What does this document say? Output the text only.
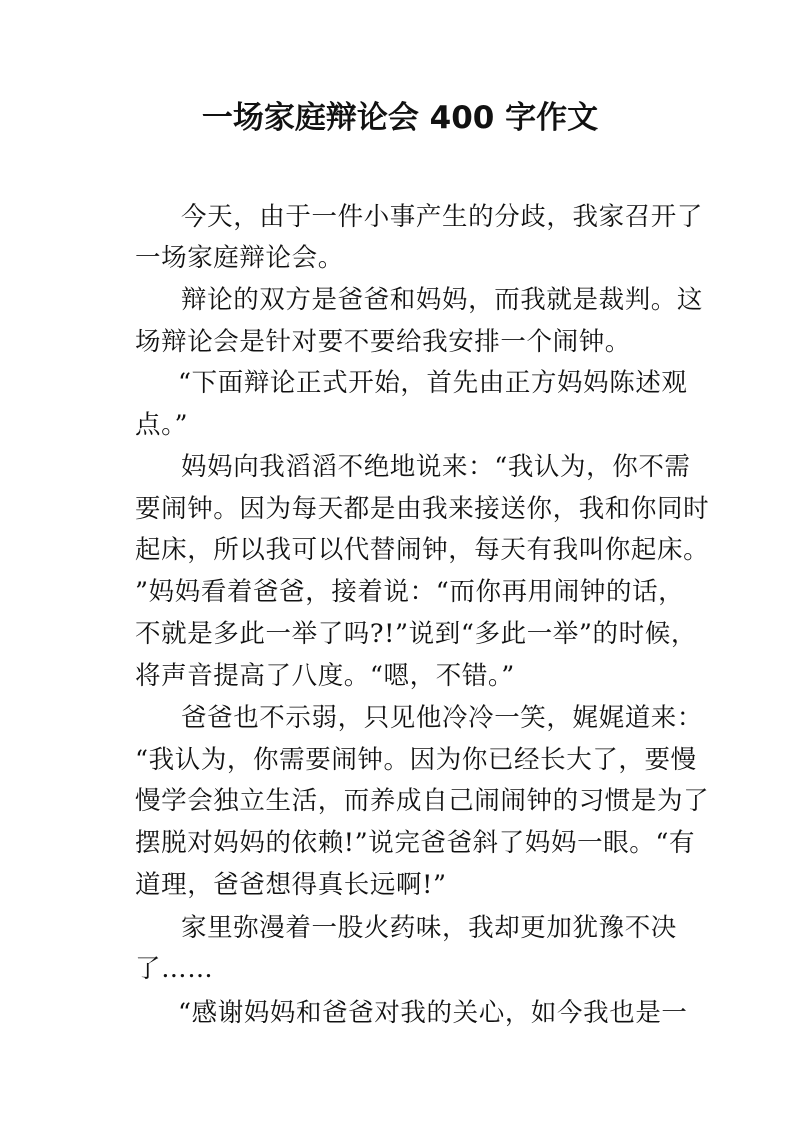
一场家庭辩论会 400 字作文
今天，由于一件小事产生的分歧，我家召开了
一场家庭辩论会。
辩论的双方是爸爸和妈妈，而我就是裁判。这
场辩论会是针对要不要给我安排一个闹钟。
“下面辩论正式开始，首先由正方妈妈陈述观
点。”
妈妈向我滔滔不绝地说来：“我认为，你不需
要闹钟。因为每天都是由我来接送你，我和你同时
起床，所以我可以代替闹钟，每天有我叫你起床。
”妈妈看着爸爸，接着说：“而你再用闹钟的话，
不就是多此一举了吗?!”说到“多此一举”的时候，
将声音提高了八度。“嗯，不错。”
爸爸也不示弱，只见他冷冷一笑，娓娓道来：
“我认为，你需要闹钟。因为你已经长大了，要慢
慢学会独立生活，而养成自己闹闹钟的习惯是为了
摆脱对妈妈的依赖!”说完爸爸斜了妈妈一眼。“有
道理，爸爸想得真长远啊!”
家里弥漫着一股火药味，我却更加犹豫不决
了……
“感谢妈妈和爸爸对我的关心，如今我也是一
